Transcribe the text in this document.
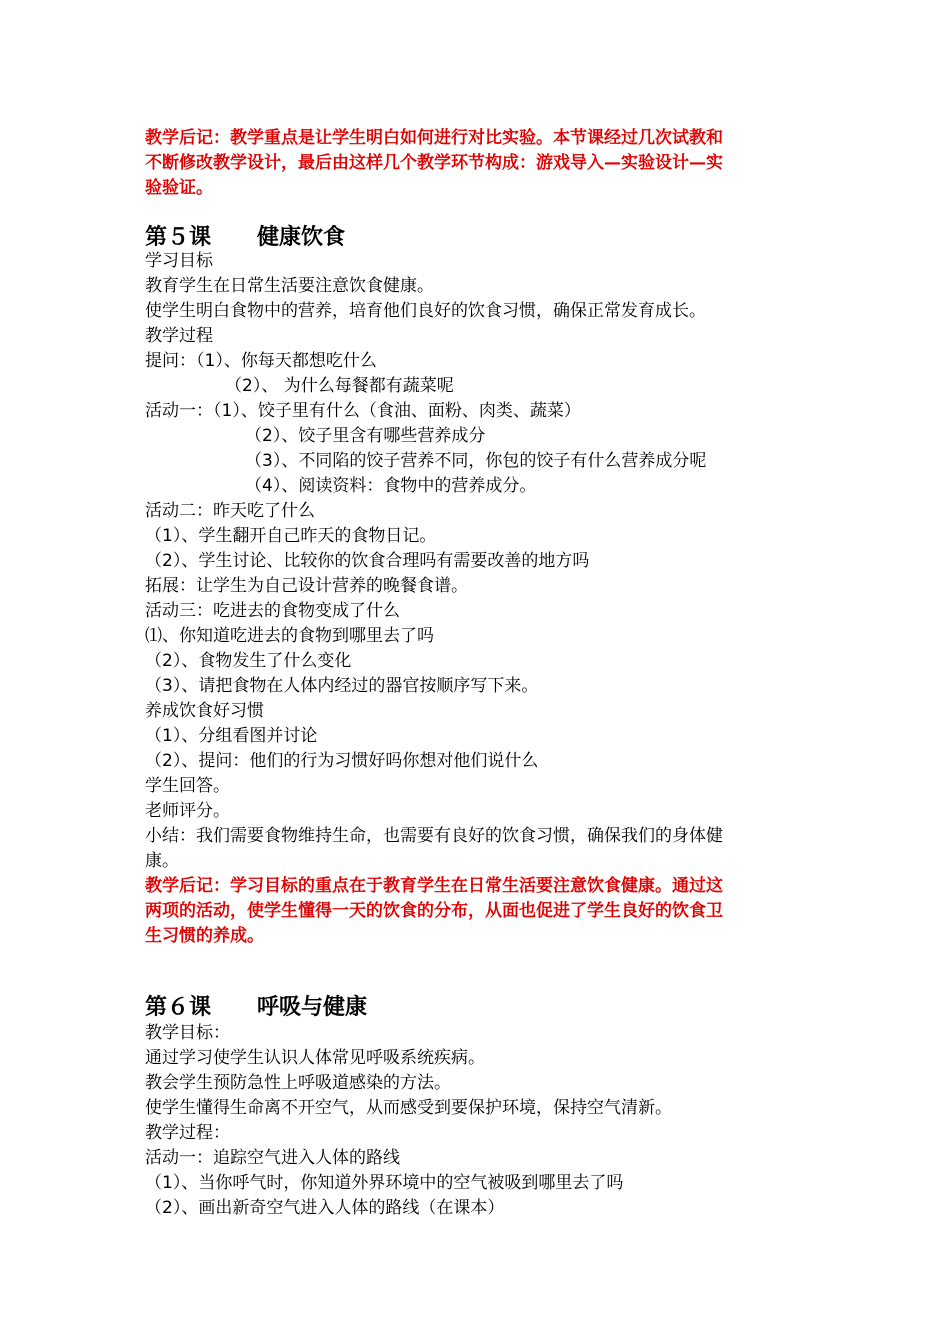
教学后记：教学重点是让学生明白如何进行对比实验。本节课经过几次试教和
不断修改教学设计，最后由这样几个教学环节构成：游戏导入—实验设计—实
验验证。
第５课 健康饮食
学习目标
教育学生在日常生活要注意饮食健康。
使学生明白食物中的营养，培育他们良好的饮食习惯，确保正常发育成长。
教学过程
提问：（1）、你每天都想吃什么
（2）、 为什么每餐都有蔬菜呢
活动一：（1）、饺子里有什么（食油、面粉、肉类、蔬菜）
（2）、饺子里含有哪些营养成分
（3）、不同陷的饺子营养不同，你包的饺子有什么营养成分呢
（4）、阅读资料：食物中的营养成分。
活动二：昨天吃了什么
（1）、学生翻开自己昨天的食物日记。
（2）、学生讨论、比较你的饮食合理吗有需要改善的地方吗
拓展：让学生为自己设计营养的晚餐食谱。
活动三：吃进去的食物变成了什么
⑴、你知道吃进去的食物到哪里去了吗
（2）、食物发生了什么变化
（3）、请把食物在人体内经过的器官按顺序写下来。
养成饮食好习惯
（1）、分组看图并讨论
（2）、提问：他们的行为习惯好吗你想对他们说什么
学生回答。
老师评分。
小结：我们需要食物维持生命，也需要有良好的饮食习惯，确保我们的身体健
康。
教学后记：学习目标的重点在于教育学生在日常生活要注意饮食健康。通过这
两项的活动，使学生懂得一天的饮食的分布，从面也促进了学生良好的饮食卫
生习惯的养成。
第６课 呼吸与健康
教学目标：
通过学习使学生认识人体常见呼吸系统疾病。
教会学生预防急性上呼吸道感染的方法。
使学生懂得生命离不开空气，从而感受到要保护环境，保持空气清新。
教学过程：
活动一：追踪空气进入人体的路线
（1）、当你呼气时，你知道外界环境中的空气被吸到哪里去了吗
（2）、画出新奇空气进入人体的路线（在课本）
